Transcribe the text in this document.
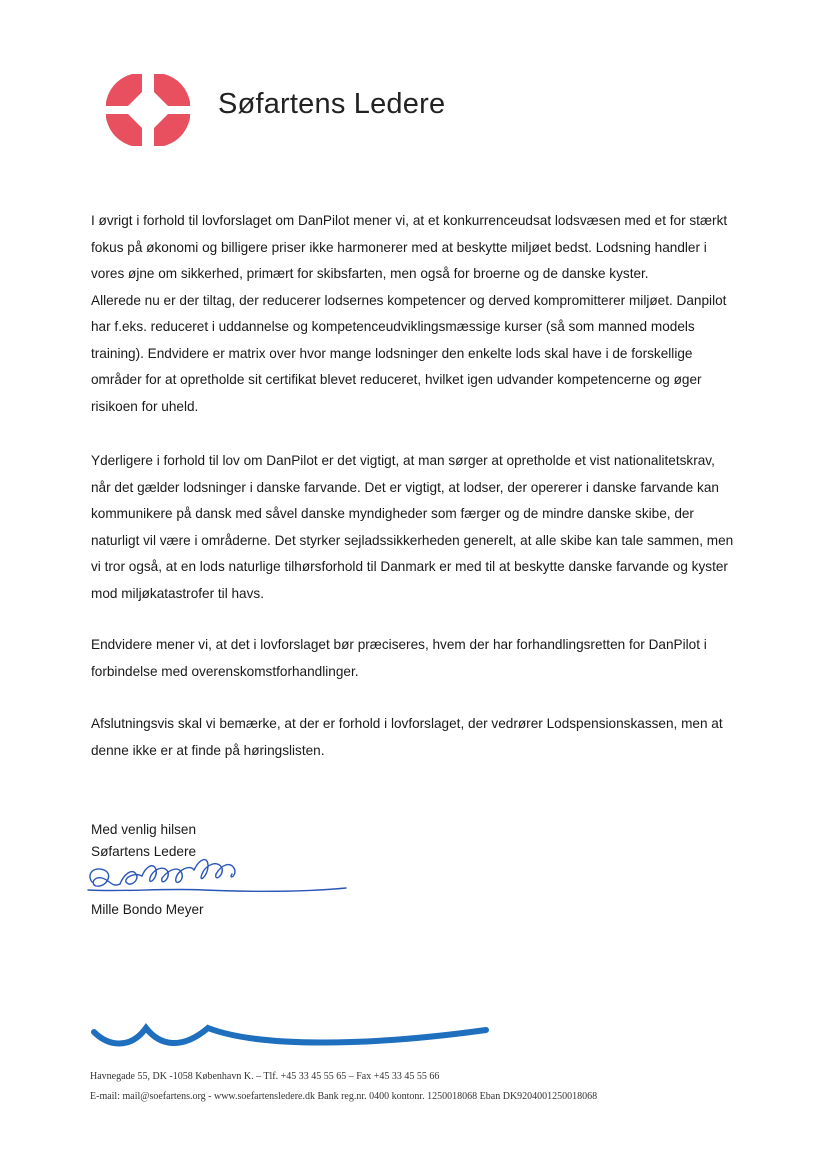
Søfartens Ledere

I øvrigt i forhold til lovforslaget om DanPilot mener vi, at et konkurrenceudsat lodsvæsen med et for stærkt
fokus på økonomi og billigere priser ikke harmonerer med at beskytte miljøet bedst. Lodsning handler i
vores øjne om sikkerhed, primært for skibsfarten, men også for broerne og de danske kyster.
Allerede nu er der tiltag, der reducerer lodsernes kompetencer og derved kompromitterer miljøet. Danpilot
har f.eks. reduceret i uddannelse og kompetenceudviklingsmæssige kurser (så som manned models
training). Endvidere er matrix over hvor mange lodsninger den enkelte lods skal have i de forskellige
områder for at opretholde sit certifikat blevet reduceret, hvilket igen udvander kompetencerne og øger
risikoen for uheld.

Yderligere i forhold til lov om DanPilot er det vigtigt, at man sørger at opretholde et vist nationalitetskrav,
når det gælder lodsninger i danske farvande. Det er vigtigt, at lodser, der opererer i danske farvande kan
kommunikere på dansk med såvel danske myndigheder som færger og de mindre danske skibe, der
naturligt vil være i områderne. Det styrker sejladssikkerheden generelt, at alle skibe kan tale sammen, men
vi tror også, at en lods naturlige tilhørsforhold til Danmark er med til at beskytte danske farvande og kyster
mod miljøkatastrofer til havs.

Endvidere mener vi, at det i lovforslaget bør præciseres, hvem der har forhandlingsretten for DanPilot i
forbindelse med overenskomstforhandlinger.

Afslutningsvis skal vi bemærke, at der er forhold i lovforslaget, der vedrører Lodspensionskassen, men at
denne ikke er at finde på høringslisten.

Med venlig hilsen
Søfartens Ledere
Mille Bondo Meyer
Havnegade 55, DK -1058 København K. – Tlf. +45 33 45 55 65 – Fax +45 33 45 55 66
E-mail: mail@soefartens.org - www.soefartensledere.dk Bank reg.nr. 0400 kontonr. 1250018068 Eban DK9204001250018068
